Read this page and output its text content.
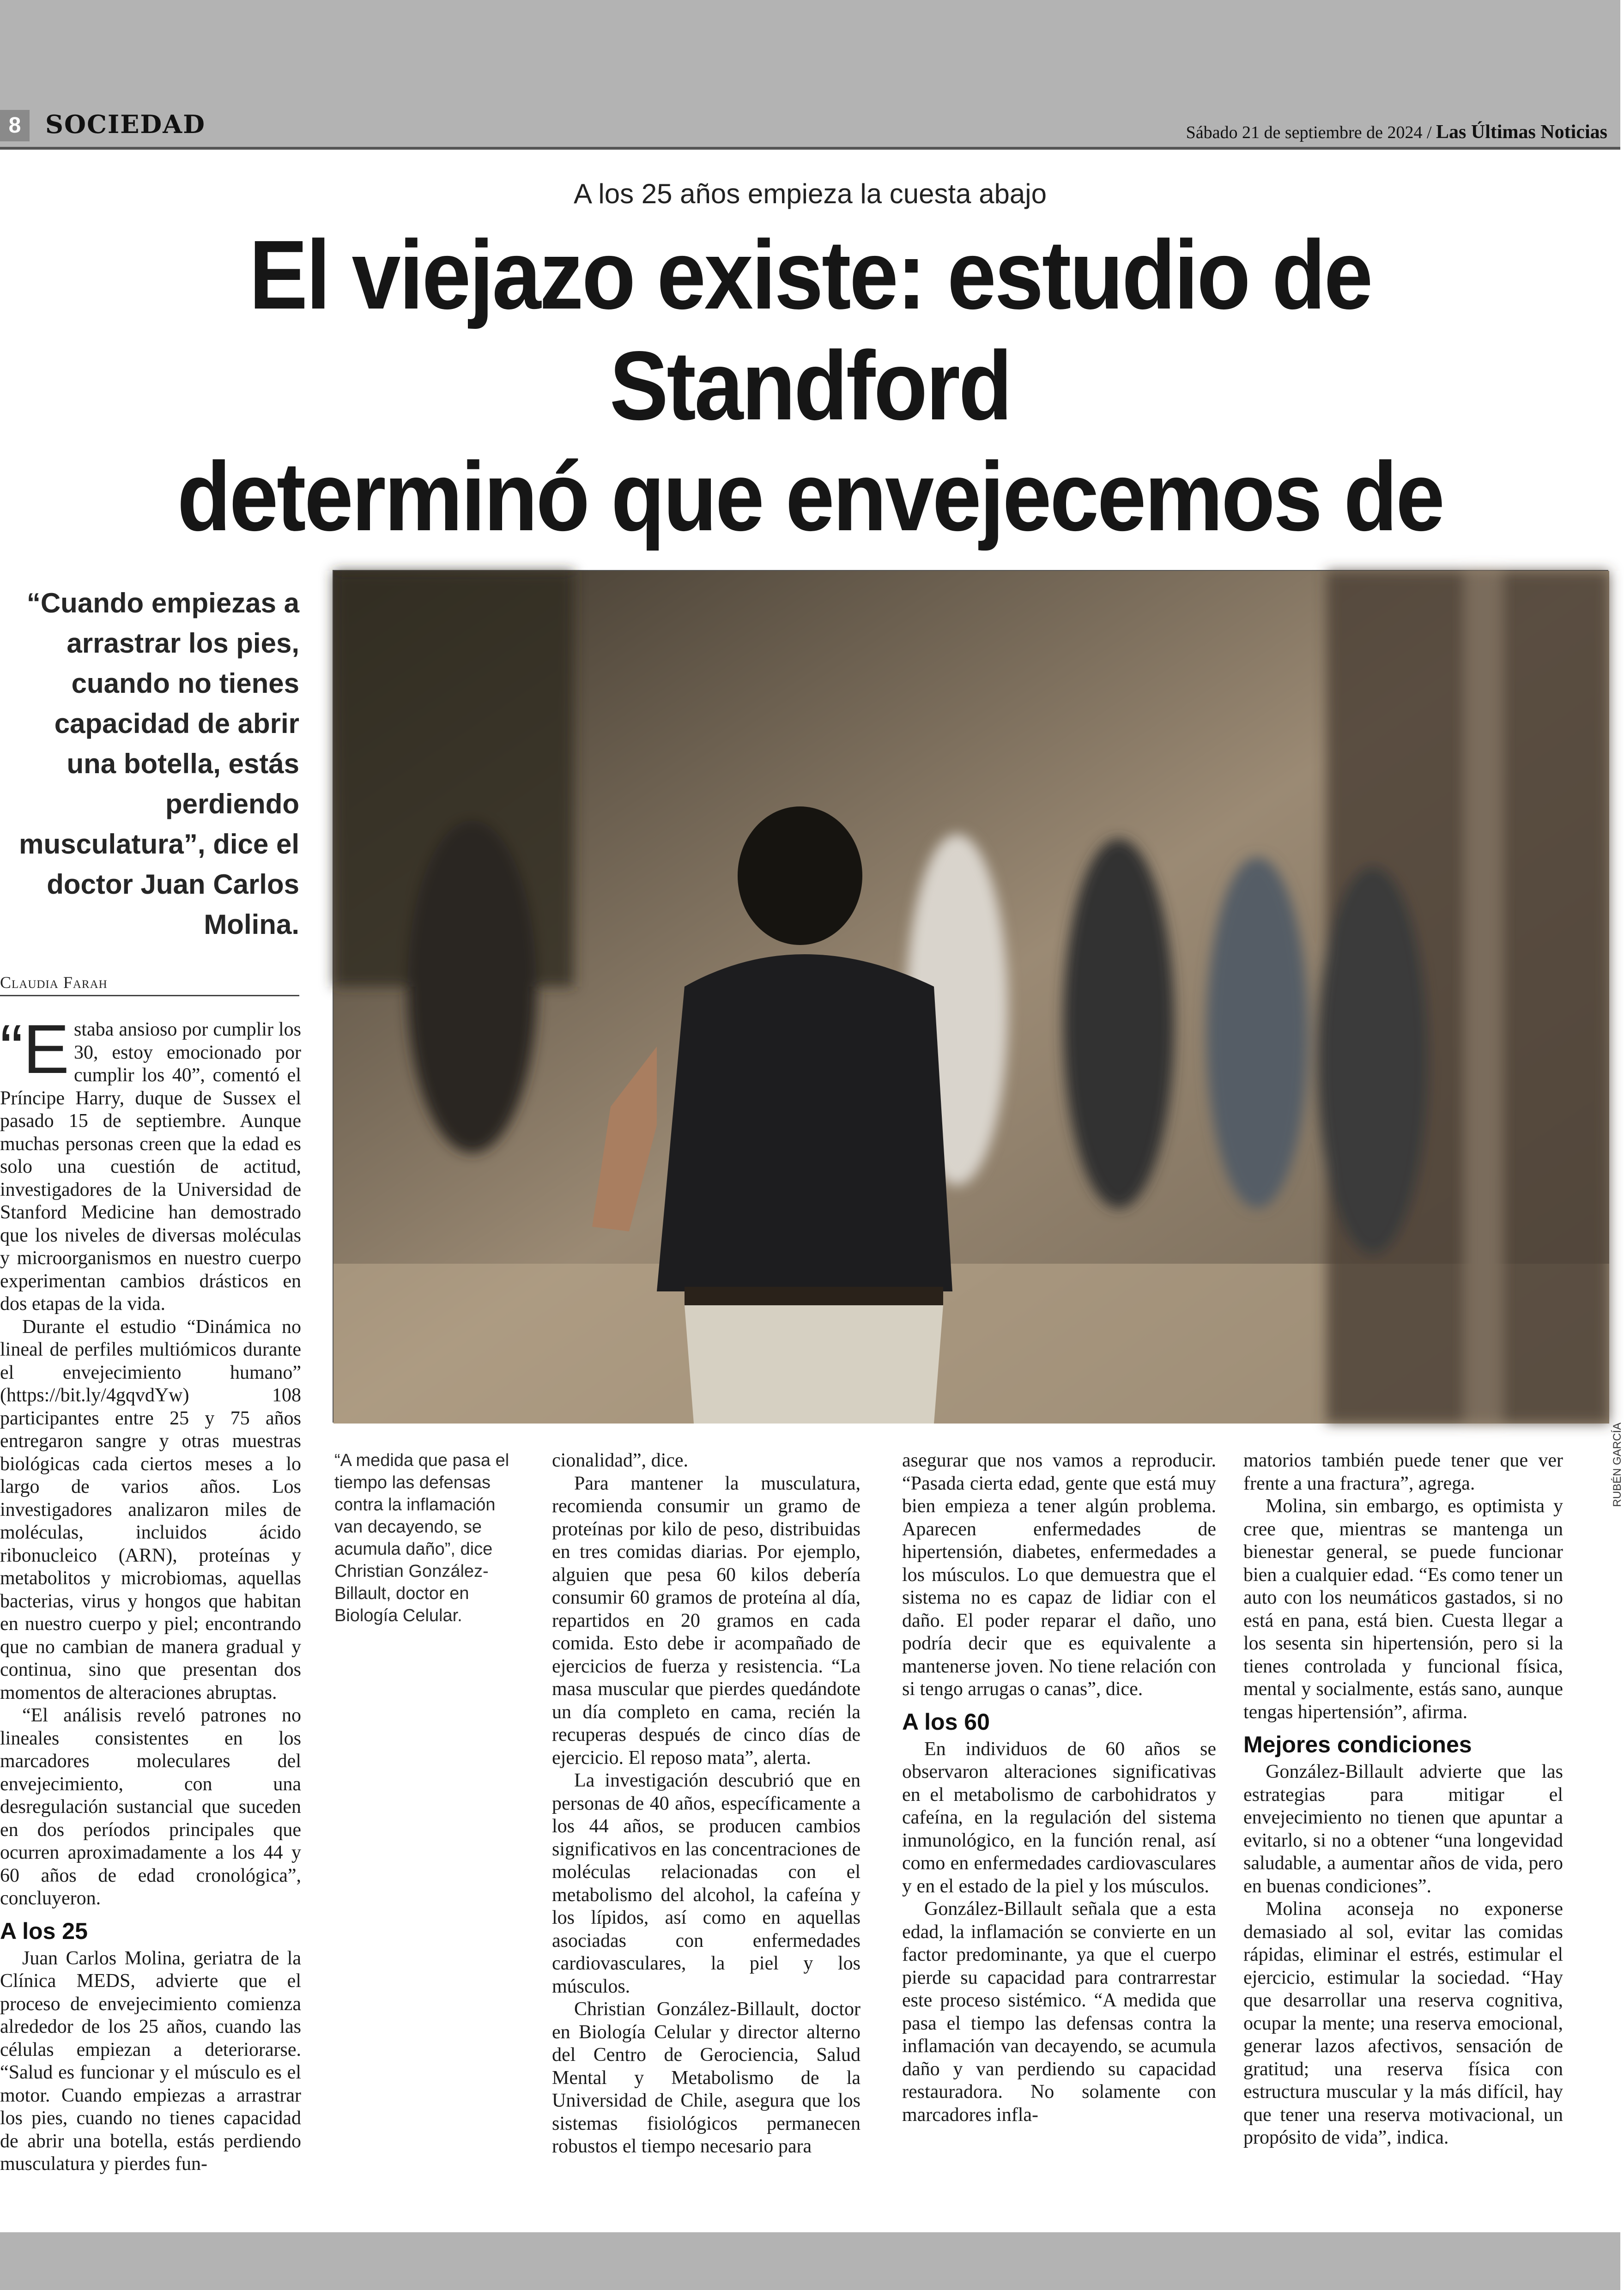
8 SOCIEDAD	Sábado 21 de septiembre de 2024 / Las Últimas Noticias
A los 25 años empieza la cuesta abajo
El viejazo existe: estudio de Standford
determinó que envejecemos de
“Cuando empiezas a arrastrar los pies, cuando no tienes capacidad de abrir una botella, estás perdiendo musculatura”, dice el doctor Juan Carlos Molina.
Claudia Farah
RUBÉN GARCÍA
“A medida que pasa el tiempo las defensas contra la inflamación van decayendo, se acumula daño”, dice Christian González-Billault, doctor en Biología Celular.

“Estaba ansioso por cumplir los 30, estoy emocionado por cumplir los 40”, comentó el Príncipe Harry, duque de Sussex el pasado 15 de septiembre. Aunque muchas personas creen que la edad es solo una cuestión de actitud, investigadores de la Universidad de Stanford Medicine han demostrado que los niveles de diversas moléculas y microorganismos en nuestro cuerpo experimentan cambios drásticos en dos etapas de la vida.

Durante el estudio “Dinámica no lineal de perfiles multiómicos durante el envejecimiento humano” (https://bit.ly/4gqvdYw) 108 participantes entre 25 y 75 años entregaron sangre y otras muestras biológicas cada ciertos meses a lo largo de varios años. Los investigadores analizaron miles de moléculas, incluidos ácido ribonucleico (ARN), proteínas y metabolitos y microbiomas, aquellas bacterias, virus y hongos que habitan en nuestro cuerpo y piel; encontrando que no cambian de manera gradual y continua, sino que presentan dos momentos de alteraciones abruptas.

“El análisis reveló patrones no lineales consistentes en los marcadores moleculares del envejecimiento, con una desregulación sustancial que suceden en dos períodos principales que ocurren aproximadamente a los 44 y 60 años de edad cronológica”, concluyeron.

A los 25

Juan Carlos Molina, geriatra de la Clínica MEDS, advierte que el proceso de envejecimiento comienza alrededor de los 25 años, cuando las células empiezan a deteriorarse. “Salud es funcionar y el músculo es el motor. Cuando empiezas a arrastrar los pies, cuando no tienes capacidad de abrir una botella, estás perdiendo musculatura y pierdes fun-

cionalidad”, dice.

Para mantener la musculatura, recomienda consumir un gramo de proteínas por kilo de peso, distribuidas en tres comidas diarias. Por ejemplo, alguien que pesa 60 kilos debería consumir 60 gramos de proteína al día, repartidos en 20 gramos en cada comida. Esto debe ir acompañado de ejercicios de fuerza y resistencia. “La masa muscular que pierdes quedándote un día completo en cama, recién la recuperas después de cinco días de ejercicio. El reposo mata”, alerta.

La investigación descubrió que en personas de 40 años, específicamente a los 44 años, se producen cambios significativos en las concentraciones de moléculas relacionadas con el metabolismo del alcohol, la cafeína y los lípidos, así como en aquellas asociadas con enfermedades cardiovasculares, la piel y los músculos.

Christian González-Billault, doctor en Biología Celular y director alterno del Centro de Gerociencia, Salud Mental y Metabolismo de la Universidad de Chile, asegura que los sistemas fisiológicos permanecen robustos el tiempo necesario para

asegurar que nos vamos a reproducir. “Pasada cierta edad, gente que está muy bien empieza a tener algún problema. Aparecen enfermedades de hipertensión, diabetes, enfermedades a los músculos. Lo que demuestra que el sistema no es capaz de lidiar con el daño. El poder reparar el daño, uno podría decir que es equivalente a mantenerse joven. No tiene relación con si tengo arrugas o canas”, dice.

A los 60

En individuos de 60 años se observaron alteraciones significativas en el metabolismo de carbohidratos y cafeína, en la regulación del sistema inmunológico, en la función renal, así como en enfermedades cardiovasculares y en el estado de la piel y los músculos.

González-Billault señala que a esta edad, la inflamación se convierte en un factor predominante, ya que el cuerpo pierde su capacidad para contrarrestar este proceso sistémico. “A medida que pasa el tiempo las defensas contra la inflamación van decayendo, se acumula daño y van perdiendo su capacidad restauradora. No solamente con marcadores infla-

matorios también puede tener que ver frente a una fractura”, agrega.

Molina, sin embargo, es optimista y cree que, mientras se mantenga un bienestar general, se puede funcionar bien a cualquier edad. “Es como tener un auto con los neumáticos gastados, si no está en pana, está bien. Cuesta llegar a los sesenta sin hipertensión, pero si la tienes controlada y funcional física, mental y socialmente, estás sano, aunque tengas hipertensión”, afirma.

Mejores condiciones

González-Billault advierte que las estrategias para mitigar el envejecimiento no tienen que apuntar a evitarlo, si no a obtener “una longevidad saludable, a aumentar años de vida, pero en buenas condiciones”.

Molina aconseja no exponerse demasiado al sol, evitar las comidas rápidas, eliminar el estrés, estimular el ejercicio, estimular la sociedad. “Hay que desarrollar una reserva cognitiva, ocupar la mente; una reserva emocional, generar lazos afectivos, sensación de gratitud; una reserva física con estructura muscular y la más difícil, hay que tener una reserva motivacional, un propósito de vida”, indica.
